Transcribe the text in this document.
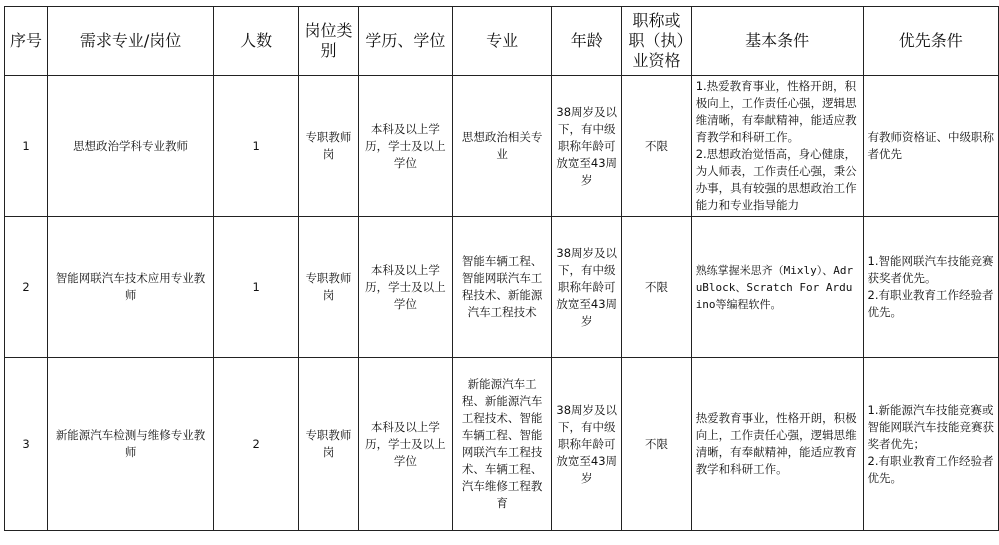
序号	需求专业/岗位	人数	岗位类别	学历、学位	专业	年龄	职称或职（执）业资格	基本条件	优先条件
1	思想政治学科专业教师	1	专职教师岗	本科及以上学历，学士及以上学位	思想政治相关专业	38周岁及以下，有中级职称年龄可放宽至43周岁	不限	1.热爱教育事业，性格开朗，积极向上，工作责任心强，逻辑思维清晰，有奉献精神，能适应教育教学和科研工作。
2.思想政治觉悟高，身心健康，为人师表，工作责任心强，秉公办事，具有较强的思想政治工作能力和专业指导能力	有教师资格证、中级职称者优先

2	智能网联汽车技术应用专业教师	1	专职教师岗	本科及以上学历，学士及以上学位	智能车辆工程、智能网联汽车工程技术、新能源汽车工程技术	38周岁及以下，有中级职称年龄可放宽至43周岁	不限	熟练掌握米思齐（Mixly）、AdruBlock、Scratch For Arduino等编程软件。	1.智能网联汽车技能竞赛获奖者优先。
2.有职业教育工作经验者优先。

3	新能源汽车检测与维修专业教师	2	专职教师岗	本科及以上学历，学士及以上学位	新能源汽车工程、新能源汽车工程技术、智能车辆工程、智能网联汽车工程技术、车辆工程、汽车维修工程教育	38周岁及以下，有中级职称年龄可放宽至43周岁	不限	热爱教育事业，性格开朗，积极向上，工作责任心强，逻辑思维清晰，有奉献精神，能适应教育教学和科研工作。	1.新能源汽车技能竞赛或智能网联汽车技能竞赛获奖者优先；
2.有职业教育工作经验者优先。
